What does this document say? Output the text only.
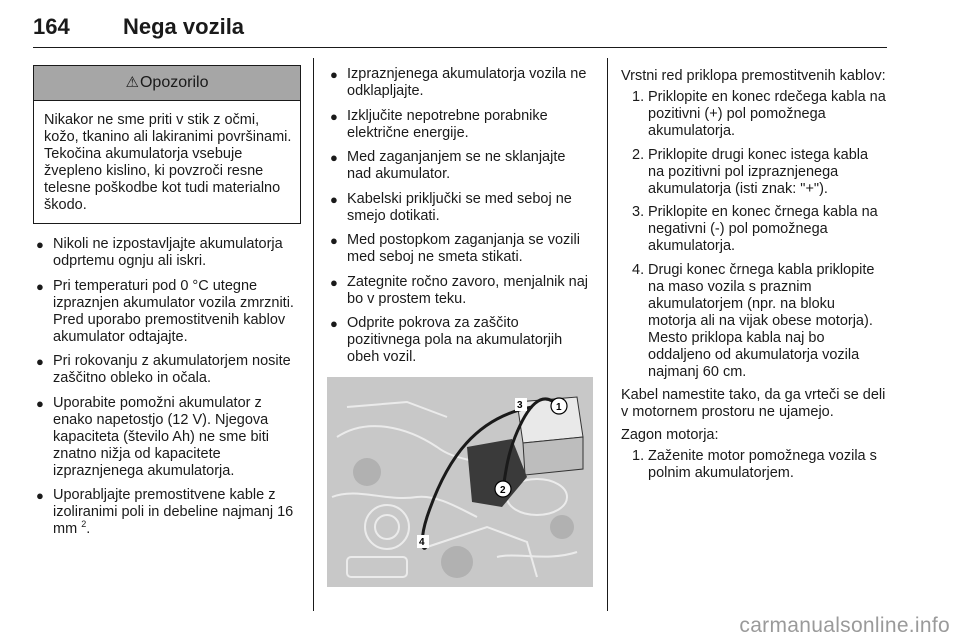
164 Nega vozila
⚠Opozorilo
Nikakor ne sme priti v stik z očmi, kožo, tkanino ali lakiranimi površinami. Tekočina akumulatorja vsebuje žvepleno kislino, ki povzroči resne telesne poškodbe kot tudi materialno škodo.
● Nikoli ne izpostavljajte akumulatorja odprtemu ognju ali iskri.
● Pri temperaturi pod 0 °C utegne izpraznjen akumulator vozila zmrzniti. Pred uporabo premostitvenih kablov akumulator odtajajte.
● Pri rokovanju z akumulatorjem nosite zaščitno obleko in očala.
● Uporabite pomožni akumulator z enako napetostjo (12 V). Njegova kapaciteta (število Ah) ne sme biti znatno nižja od kapacitete izpraznjenega akumulatorja.
● Uporabljajte premostitvene kable z izoliranimi poli in debeline najmanj 16 mm $^2$.
● Izpraznjenega akumulatorja vozila ne odklapljajte.
● Izključite nepotrebne porabnike električne energije.
● Med zaganjanjem se ne sklanjajte nad akumulator.
● Kabelski priključki se med seboj ne smejo dotikati.
● Med postopkom zaganjanja se vozili med seboj ne smeta stikati.
● Zategnite ročno zavoro, menjalnik naj bo v prostem teku.
● Odprite pokrova za zaščito pozitivnega pola na akumulatorjih obeh vozil.
1
2
3
4

Vrstni red priklopa premostitvenih kablov:

1. Priklopite en konec rdečega kabla na pozitivni (+) pol pomožnega akumulatorja.
2. Priklopite drugi konec istega kabla na pozitivni pol izpraznjenega akumulatorja (isti znak: "+").
3. Priklopite en konec črnega kabla na negativni (-) pol pomožnega akumulatorja.
4. Drugi konec črnega kabla priklopite na maso vozila s praznim akumulatorjem (npr. na bloku motorja ali na vijak obese motorja). Mesto priklopa kabla naj bo oddaljeno od akumulatorja vozila najmanj 60 cm.

Kabel namestite tako, da ga vrteči se deli v motornem prostoru ne ujamejo.

Zagon motorja:

1. Zaženite motor pomožnega vozila s polnim akumulatorjem.
carmanualsonline.info
